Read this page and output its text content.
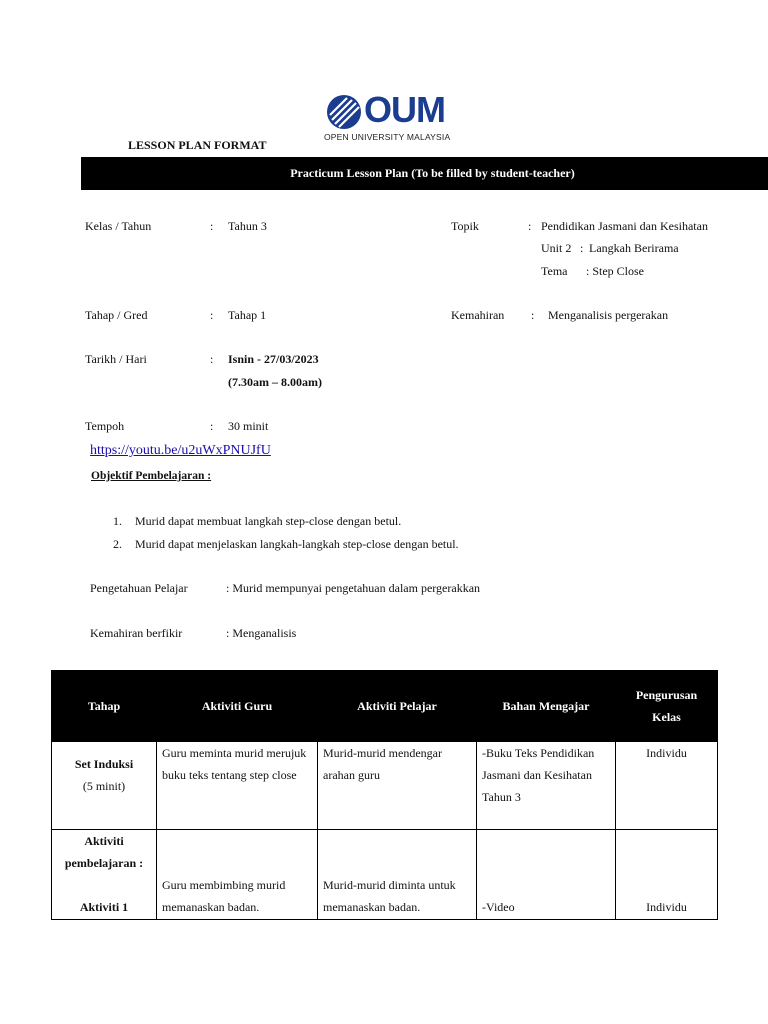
OUM
OPEN UNIVERSITY MALAYSIA
LESSON PLAN FORMAT
Practicum Lesson Plan (To be filled by student-teacher)
Kelas / Tahun	: Tahun 3	Topik	: Pendidikan Jasmani dan Kesihatan
Unit 2 : Langkah Berirama
Tema : Step Close
Tahap / Gred	: Tahap 1	Kemahiran : Menganalisis pergerakan
Tarikh / Hari	: Isnin - 27/03/2023
(7.30am – 8.00am)
Tempoh	: 30 minit
https://youtu.be/u2uWxPNUJfU
Objektif Pembelajaran :
1. Murid dapat membuat langkah step-close dengan betul.
2. Murid dapat menjelaskan langkah-langkah step-close dengan betul.
Pengetahuan Pelajar	: Murid mempunyai pengetahuan dalam pergerakkan
Kemahiran berfikir	: Menganalisis
Tahap	Aktiviti Guru	Aktiviti Pelajar	Bahan Mengajar	Pengurusan Kelas

Set Induksi
(5 minit)	Guru meminta murid merujuk buku teks tentang step close	Murid-murid mendengar arahan guru	-Buku Teks Pendidikan Jasmani dan Kesihatan Tahun 3	Individu

Aktiviti pembelajaran :
Aktiviti 1	Guru membimbing murid memanaskan badan.	Murid-murid diminta untuk memanaskan badan.	-Video	Individu
